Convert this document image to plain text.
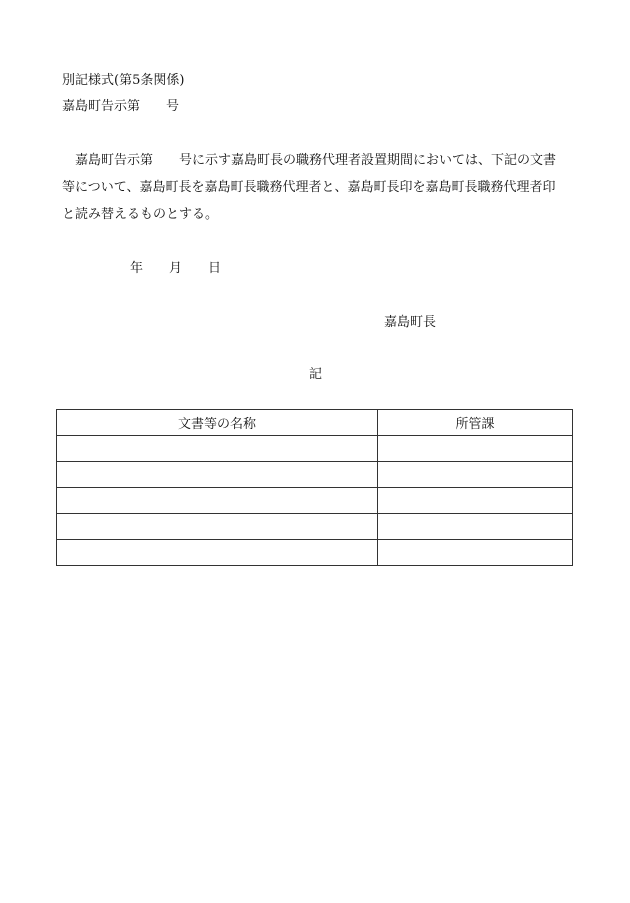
別記様式(第5条関係)
嘉島町告示第　　号
　嘉島町告示第　　号に示す嘉島町長の職務代理者設置期間においては、下記の文書
等について、嘉島町長を嘉島町長職務代理者と、嘉島町長印を嘉島町長職務代理者印
と読み替えるものとする。
年　　月　　日
嘉島町長
記
文書等の名称	所管課
